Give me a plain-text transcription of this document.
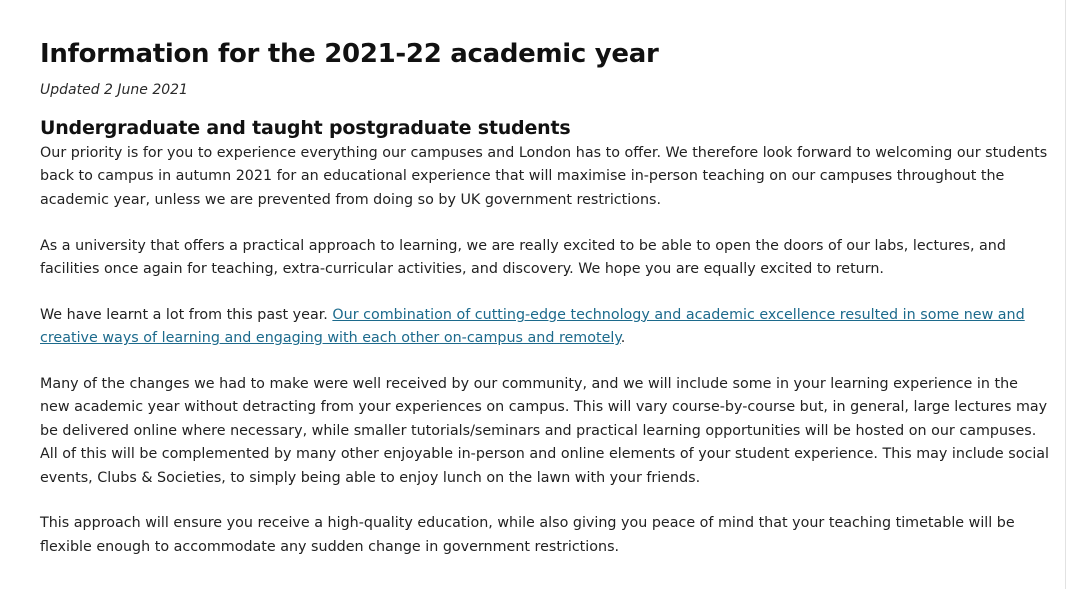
Information for the 2021-22 academic year
Updated 2 June 2021
Undergraduate and taught postgraduate students

Our priority is for you to experience everything our campuses and London has to offer. We therefore look forward to welcoming our students back to campus in autumn 2021 for an educational experience that will maximise in-person teaching on our campuses throughout the academic year, unless we are prevented from doing so by UK government restrictions.

As a university that offers a practical approach to learning, we are really excited to be able to open the doors of our labs, lectures, and facilities once again for teaching, extra-curricular activities, and discovery. We hope you are equally excited to return.

We have learnt a lot from this past year. Our combination of cutting-edge technology and academic excellence resulted in some new and creative ways of learning and engaging with each other on-campus and remotely.

Many of the changes we had to make were well received by our community, and we will include some in your learning experience in the new academic year without detracting from your experiences on campus. This will vary course-by-course but, in general, large lectures may be delivered online where necessary, while smaller tutorials/seminars and practical learning opportunities will be hosted on our campuses. All of this will be complemented by many other enjoyable in-person and online elements of your student experience. This may include social events, Clubs & Societies, to simply being able to enjoy lunch on the lawn with your friends.

This approach will ensure you receive a high-quality education, while also giving you peace of mind that your teaching timetable will be flexible enough to accommodate any sudden change in government restrictions.
